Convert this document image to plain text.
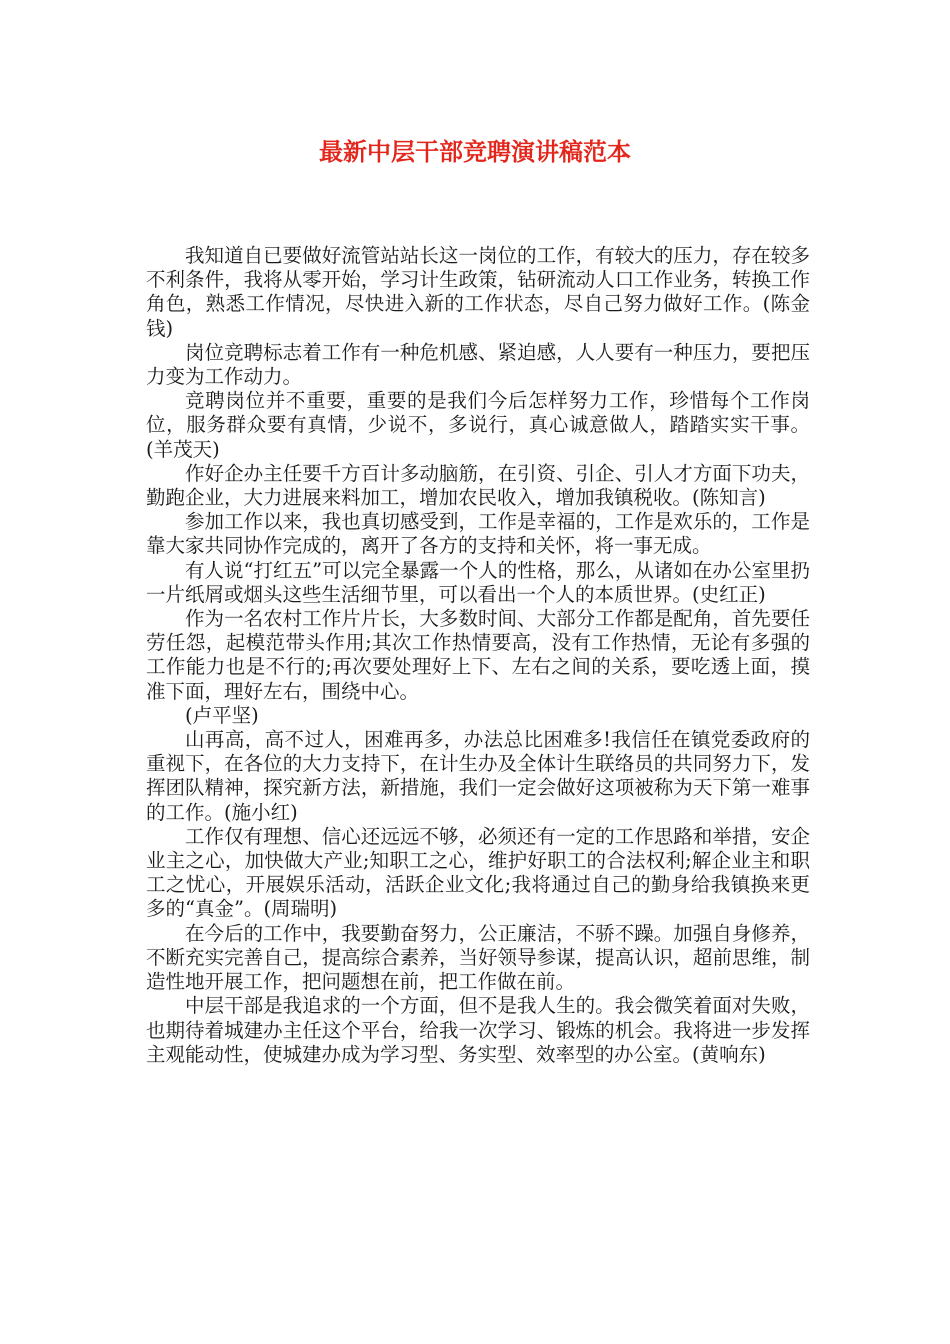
最新中层干部竞聘演讲稿范本

我知道自已要做好流管站站长这一岗位的工作，有较大的压力，存在较多不利条件，我将从零开始，学习计生政策，钻研流动人口工作业务，转换工作角色，熟悉工作情况，尽快进入新的工作状态，尽自己努力做好工作。(陈金钱)

岗位竞聘标志着工作有一种危机感、紧迫感，人人要有一种压力，要把压力变为工作动力。

竞聘岗位并不重要，重要的是我们今后怎样努力工作，珍惜每个工作岗位，服务群众要有真情，少说不，多说行，真心诚意做人，踏踏实实干事。(羊茂天)

作好企办主任要千方百计多动脑筋，在引资、引企、引人才方面下功夫，勤跑企业，大力进展来料加工，增加农民收入，增加我镇税收。(陈知言)

参加工作以来，我也真切感受到，工作是幸福的，工作是欢乐的，工作是靠大家共同协作完成的，离开了各方的支持和关怀，将一事无成。

有人说“打红五”可以完全暴露一个人的性格，那么，从诸如在办公室里扔一片纸屑或烟头这些生活细节里，可以看出一个人的本质世界。(史红正)

作为一名农村工作片片长，大多数时间、大部分工作都是配角，首先要任劳任怨，起模范带头作用;其次工作热情要高，没有工作热情，无论有多强的工作能力也是不行的;再次要处理好上下、左右之间的关系，要吃透上面，摸准下面，理好左右，围绕中心。

(卢平坚)

山再高，高不过人，困难再多，办法总比困难多!我信任在镇党委政府的重视下，在各位的大力支持下，在计生办及全体计生联络员的共同努力下，发挥团队精神，探究新方法，新措施，我们一定会做好这项被称为天下第一难事的工作。(施小红)

工作仅有理想、信心还远远不够，必须还有一定的工作思路和举措，安企业主之心，加快做大产业;知职工之心，维护好职工的合法权利;解企业主和职工之忧心，开展娱乐活动，活跃企业文化;我将通过自己的勤身给我镇换来更多的“真金”。(周瑞明)

在今后的工作中，我要勤奋努力，公正廉洁，不骄不躁。加强自身修养，不断充实完善自己，提高综合素养，当好领导参谋，提高认识，超前思维，制造性地开展工作，把问题想在前，把工作做在前。

中层干部是我追求的一个方面，但不是我人生的。我会微笑着面对失败，也期待着城建办主任这个平台，给我一次学习、锻炼的机会。我将进一步发挥主观能动性，使城建办成为学习型、务实型、效率型的办公室。(黄响东)
